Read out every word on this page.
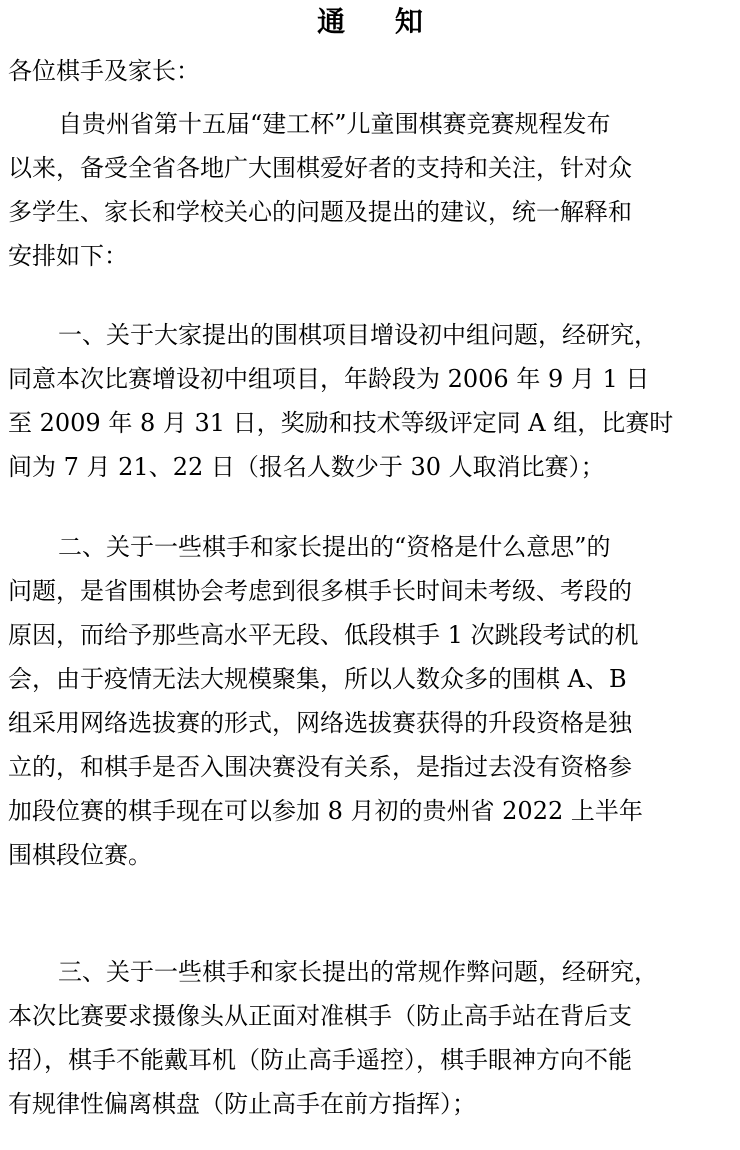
通 知
各位棋手及家长：
自贵州省第十五届“建工杯”儿童围棋赛竞赛规程发布
以来，备受全省各地广大围棋爱好者的支持和关注，针对众
多学生、家长和学校关心的问题及提出的建议，统一解释和
安排如下：
一、关于大家提出的围棋项目增设初中组问题，经研究，
同意本次比赛增设初中组项目，年龄段为 2006 年 9 月 1 日
至 2009 年 8 月 31 日，奖励和技术等级评定同 A 组，比赛时
间为 7 月 21、22 日（报名人数少于 30 人取消比赛）；
二、关于一些棋手和家长提出的“资格是什么意思”的
问题，是省围棋协会考虑到很多棋手长时间未考级、考段的
原因，而给予那些高水平无段、低段棋手 1 次跳段考试的机
会，由于疫情无法大规模聚集，所以人数众多的围棋 A、B
组采用网络选拔赛的形式，网络选拔赛获得的升段资格是独
立的，和棋手是否入围决赛没有关系，是指过去没有资格参
加段位赛的棋手现在可以参加 8 月初的贵州省 2022 上半年
围棋段位赛。
三、关于一些棋手和家长提出的常规作弊问题，经研究，
本次比赛要求摄像头从正面对准棋手（防止高手站在背后支
招），棋手不能戴耳机（防止高手遥控），棋手眼神方向不能
有规律性偏离棋盘（防止高手在前方指挥）；
